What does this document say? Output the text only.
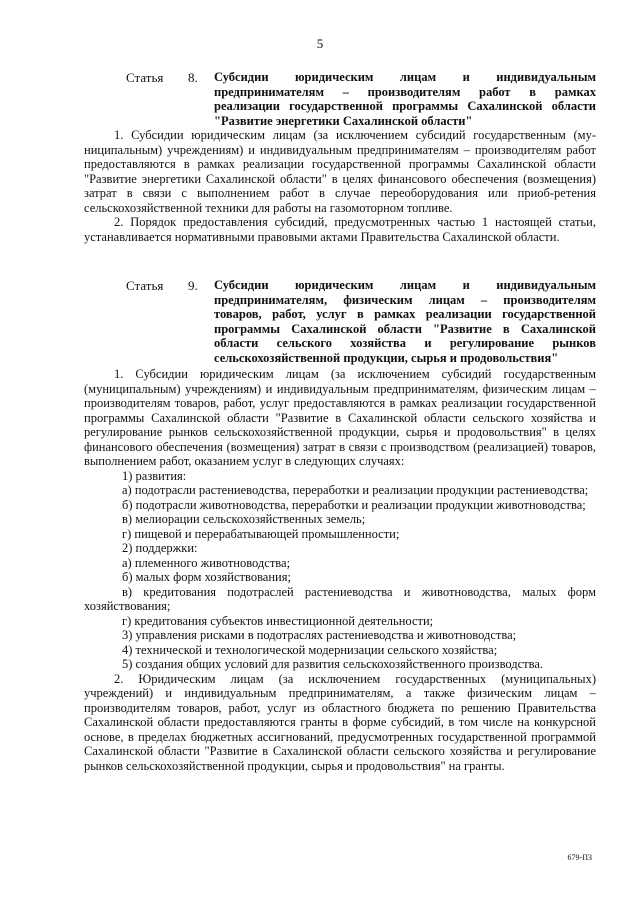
5
Статья 8. Субсидии юридическим лицам и индивидуальным
предпринимателям – производителям работ в рамках
реализации государственной программы Сахалинской области
"Развитие энергетики Сахалинской области"

1. Субсидии юридическим лицам (за исключением субсидий государственным (му-ниципальным) учреждениям) и индивидуальным предпринимателям – производителям работ предоставляются в рамках реализации государственной программы Сахалинской области "Развитие энергетики Сахалинской области" в целях финансового обеспечения (возмещения) затрат в связи с выполнением работ в случае переоборудования или приоб-ретения сельскохозяйственной техники для работы на газомоторном топливе.

2. Порядок предоставления субсидий, предусмотренных частью 1 настоящей статьи, устанавливается нормативными правовыми актами Правительства Сахалинской области.

Статья 9. Субсидии юридическим лицам и индивидуальным
предпринимателям, физическим лицам – производителям
товаров, работ, услуг в рамках реализации государственной
программы Сахалинской области "Развитие в Сахалинской
области сельского хозяйства и регулирование рынков
сельскохозяйственной продукции, сырья и продовольствия"

1. Субсидии юридическим лицам (за исключением субсидий государственным (муниципальным) учреждениям) и индивидуальным предпринимателям, физическим лицам – производителям товаров, работ, услуг предоставляются в рамках реализации государственной программы Сахалинской области "Развитие в Сахалинской области сельского хозяйства и регулирование рынков сельскохозяйственной продукции, сырья и продовольствия" в целях финансового обеспечения (возмещения) затрат в связи с производством (реализацией) товаров, выполнением работ, оказанием услуг в следующих случаях:

1) развития:

а) подотрасли растениеводства, переработки и реализации продукции растениеводства;

б) подотрасли животноводства, переработки и реализации продукции животноводства;

в) мелиорации сельскохозяйственных земель;

г) пищевой и перерабатывающей промышленности;

2) поддержки:

а) племенного животноводства;

б) малых форм хозяйствования;

в) кредитования подотраслей растениеводства и животноводства, малых форм хозяйствования;

г) кредитования субъектов инвестиционной деятельности;

3) управления рисками в подотраслях растениеводства и животноводства;

4) технической и технологической модернизации сельского хозяйства;

5) создания общих условий для развития сельскохозяйственного производства.

2. Юридическим лицам (за исключением государственных (муниципальных) учреждений) и индивидуальным предпринимателям, а также физическим лицам – производителям товаров, работ, услуг из областного бюджета по решению Правительства Сахалинской области предоставляются гранты в форме субсидий, в том числе на конкурсной основе, в пределах бюджетных ассигнований, предусмотренных государственной программой Сахалинской области "Развитие в Сахалинской области сельского хозяйства и регулирование рынков сельскохозяйственной продукции, сырья и продовольствия" на гранты.

679-ПЗ
